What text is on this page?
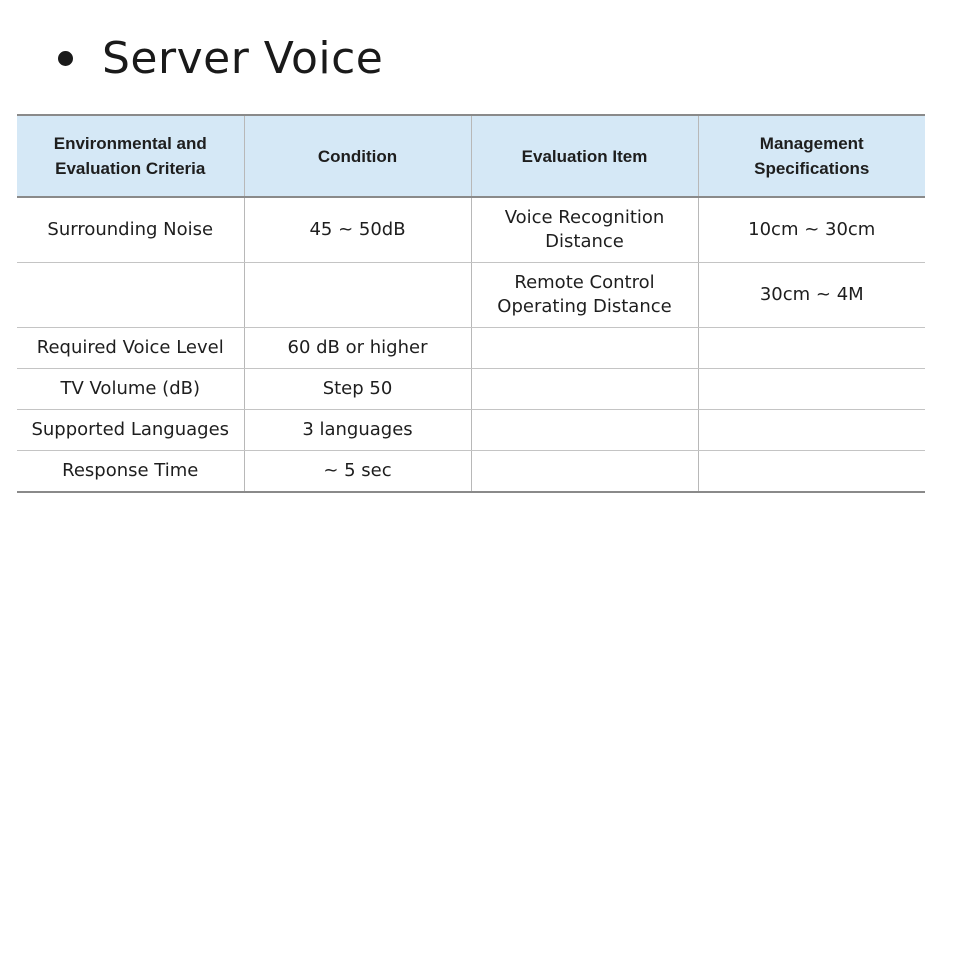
Server Voice
Environmental and Evaluation Criteria	Condition	Evaluation Item	Management Specifications
Surrounding Noise	45 ~ 50dB	Voice Recognition Distance	10cm ~ 30cm
		Remote Control Operating Distance	30cm ~ 4M
Required Voice Level	60 dB or higher		
TV Volume (dB)	Step 50		
Supported Languages	3 languages		
Response Time	~ 5 sec		
